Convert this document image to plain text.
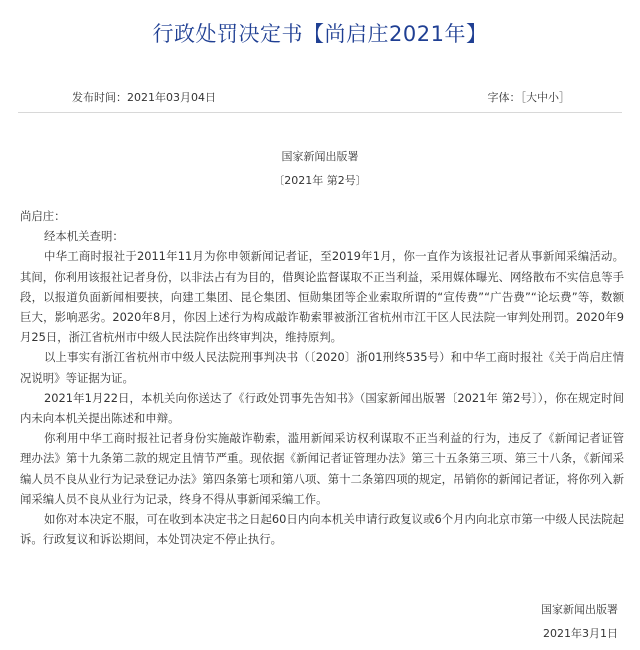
行政处罚决定书【尚启庄2021年】
发布时间：2021年03月04日	字体：［大中小］
国家新闻出版署
〔2021年 第2号〕

尚启庄：

经本机关查明：

中华工商时报社于2011年11月为你申领新闻记者证，至2019年1月，你一直作为该报社记者从事新闻采编活动。其间，你利用该报社记者身份，以非法占有为目的，借舆论监督谋取不正当利益，采用媒体曝光、网络散布不实信息等手段，以报道负面新闻相要挟，向建工集团、昆仑集团、恒勋集团等企业索取所谓的“宣传费”“广告费”“论坛费”等，数额巨大，影响恶劣。2020年8月，你因上述行为构成敲诈勒索罪被浙江省杭州市江干区人民法院一审判处刑罚。2020年9月25日，浙江省杭州市中级人民法院作出终审判决，维持原判。

以上事实有浙江省杭州市中级人民法院刑事判决书（〔2020〕浙01刑终535号）和中华工商时报社《关于尚启庄情况说明》等证据为证。

2021年1月22日，本机关向你送达了《行政处罚事先告知书》（国家新闻出版署〔2021年 第2号〕），你在规定时间内未向本机关提出陈述和申辩。

你利用中华工商时报社记者身份实施敲诈勒索，滥用新闻采访权利谋取不正当利益的行为，违反了《新闻记者证管理办法》第十九条第二款的规定且情节严重。现依据《新闻记者证管理办法》第三十五条第三项、第三十八条，《新闻采编人员不良从业行为记录登记办法》第四条第七项和第八项、第十二条第四项的规定，吊销你的新闻记者证，将你列入新闻采编人员不良从业行为记录，终身不得从事新闻采编工作。

如你对本决定不服，可在收到本决定书之日起60日内向本机关申请行政复议或6个月内向北京市第一中级人民法院起诉。行政复议和诉讼期间，本处罚决定不停止执行。

国家新闻出版署
2021年3月1日
